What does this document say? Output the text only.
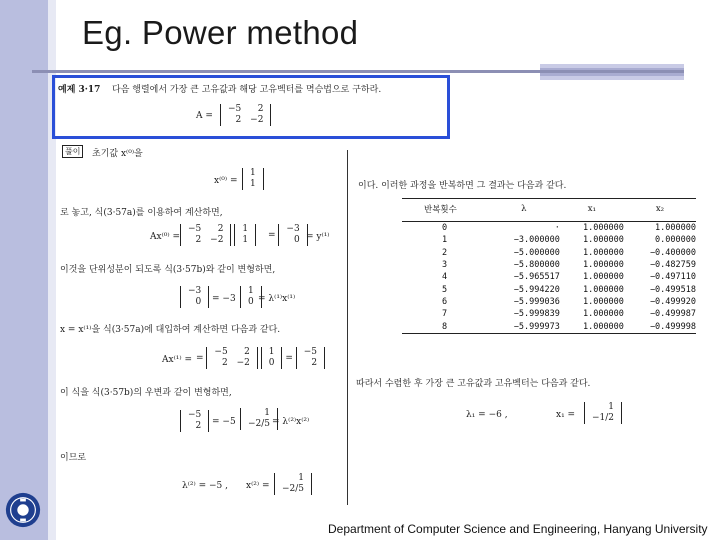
Eg. Power method
예제 3·17 다음 행렬에서 가장 큰 고유값과 해당 고유벡터를 멱승법으로 구하라.
A =
−5
2 2
−2
풀이	초기값 x⁽⁰⁾을
x⁽⁰⁾ =
1
1
로 놓고, 식(3·57a)를 이용하여 계산하면,
Ax⁽⁰⁾ =
−5
2 2
−2 1
1	= −3
0 = y⁽¹⁾
이것을 단위성분이 되도록 식(3·57b)와 같이 변형하면,
−3
0	= −3
1
0 = λ⁽¹⁾x⁽¹⁾
x = x⁽¹⁾을 식(3·57a)에 대입하여 계산하면 다음과 같다.
Ax⁽¹⁾ = = −5
2 2
−2 1
0 = −5
2
이 식을 식(3·57b)의 우변과 같이 변형하면,
−5
2	= −5
1
−2/5 = λ⁽²⁾x⁽²⁾
이므로
λ⁽²⁾ = −5 , x⁽²⁾ =
1
−2/5
이다. 이러한 과정을 반복하면 그 결과는 다음과 같다.
반복횟수	λ	x₁	x₂
0	·	1.000000	1.000000
1	−3.000000	1.000000	0.000000
2	−5.000000	1.000000	−0.400000
3	−5.800000	1.000000	−0.482759
4	−5.965517	1.000000	−0.497110
5	−5.994220	1.000000	−0.499518
6	−5.999036	1.000000	−0.499920
7	−5.999839	1.000000	−0.499987
8	−5.999973	1.000000	−0.499998
따라서 수렴한 후 가장 큰 고유값과 고유벡터는 다음과 같다.
λ₁ = −6 ,	x₁ =
1
−1/2
Department of Computer Science and Engineering, Hanyang University
